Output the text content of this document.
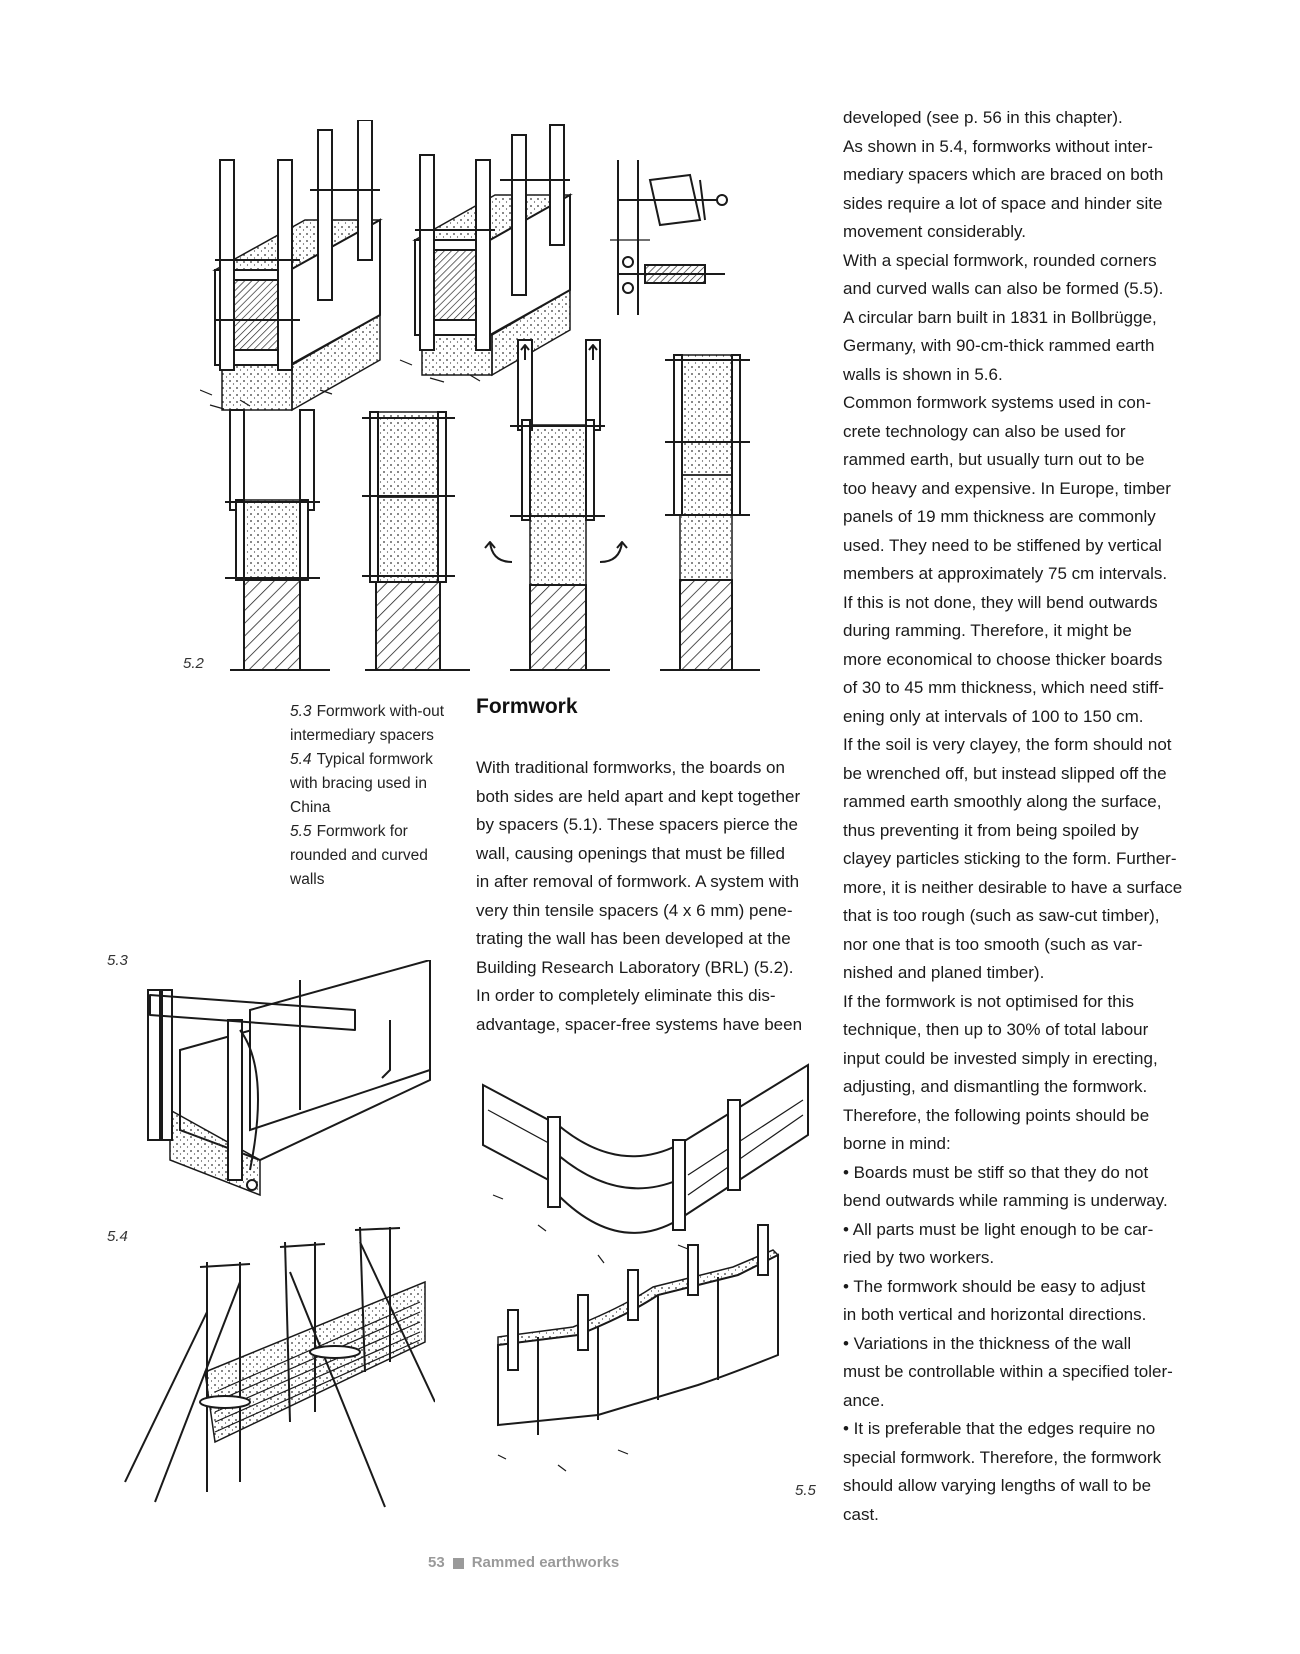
5.2

5.3 Formwork with-out intermediary spacers

5.4 Typical formwork with bracing used in China

5.5 Formwork for rounded and curved walls

Formwork
With traditional formworks, the boards on
both sides are held apart and kept together
by spacers (5.1). These spacers pierce the
wall, causing openings that must be filled
in after removal of formwork. A system with
very thin tensile spacers (4 x 6 mm) pene-
trating the wall has been developed at the
Building Research Laboratory (BRL) (5.2).
In order to completely eliminate this dis-
advantage, spacer-free systems have been
developed (see p. 56 in this chapter).
As shown in 5.4, formworks without inter-
mediary spacers which are braced on both
sides require a lot of space and hinder site
movement considerably.
With a special formwork, rounded corners
and curved walls can also be formed (5.5).
A circular barn built in 1831 in Bollbrügge,
Germany, with 90-cm-thick rammed earth
walls is shown in 5.6.
Common formwork systems used in con-
crete technology can also be used for
rammed earth, but usually turn out to be
too heavy and expensive. In Europe, timber
panels of 19 mm thickness are commonly
used. They need to be stiffened by vertical
members at approximately 75 cm intervals.
If this is not done, they will bend outwards
during ramming. Therefore, it might be
more economical to choose thicker boards
of 30 to 45 mm thickness, which need stiff-
ening only at intervals of 100 to 150 cm.
If the soil is very clayey, the form should not
be wrenched off, but instead slipped off the
rammed earth smoothly along the surface,
thus preventing it from being spoiled by
clayey particles sticking to the form. Further-
more, it is neither desirable to have a surface
that is too rough (such as saw-cut timber),
nor one that is too smooth (such as var-
nished and planed timber).
If the formwork is not optimised for this
technique, then up to 30% of total labour
input could be invested simply in erecting,
adjusting, and dismantling the formwork.
Therefore, the following points should be
borne in mind:
• Boards must be stiff so that they do not
bend outwards while ramming is underway.
• All parts must be light enough to be car-
ried by two workers.
• The formwork should be easy to adjust
in both vertical and horizontal directions.
• Variations in the thickness of the wall
must be controllable within a specified toler-
ance.
• It is preferable that the edges require no
special formwork. Therefore, the formwork
should allow varying lengths of wall to be
cast.
5.3
5.4
5.5
53 Rammed earthworks
